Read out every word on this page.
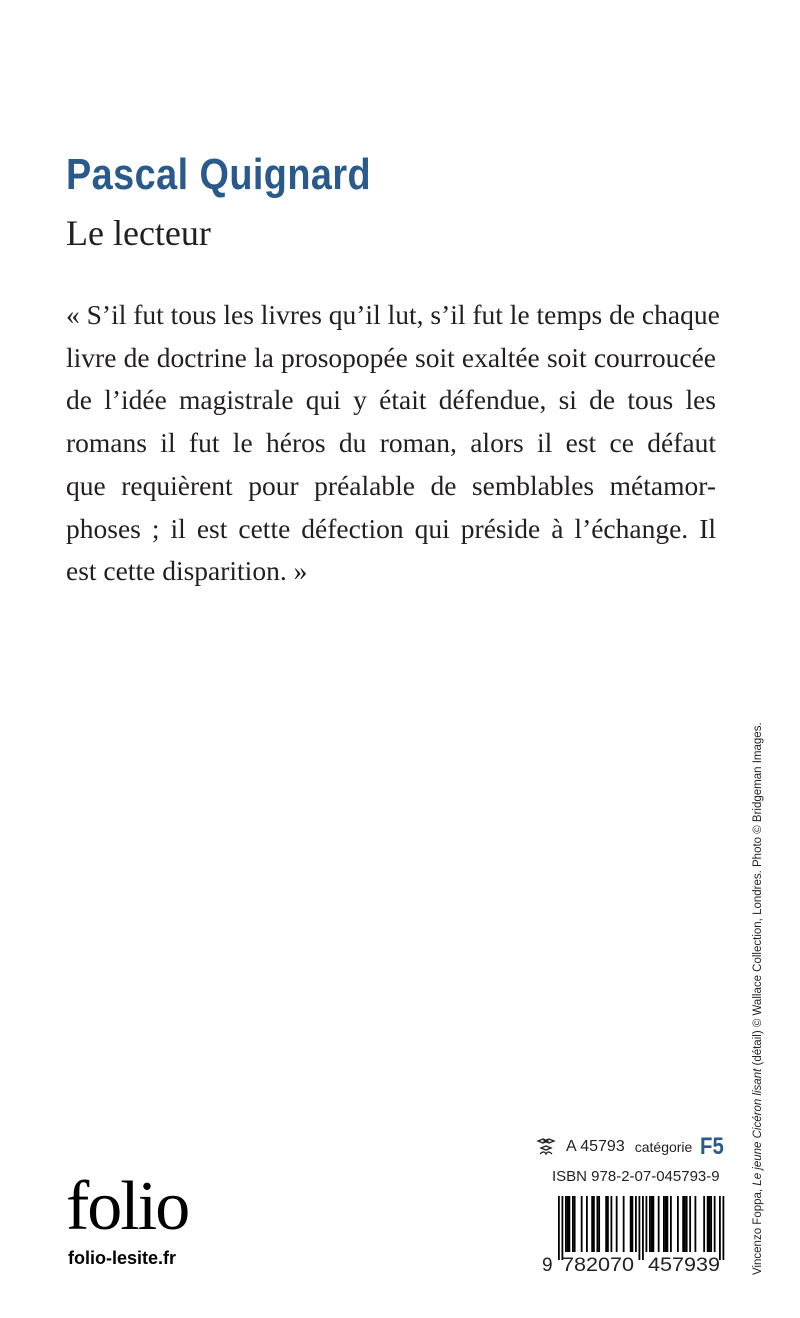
Pascal Quignard
Le lecteur
« S’il fut tous les livres qu’il lut, s’il fut le temps de chaque
livre de doctrine la prosopopée soit exaltée soit courroucée
de l’idée magistrale qui y était défendue, si de tous les
romans il fut le héros du roman, alors il est ce défaut
que requièrent pour préalable de semblables métamor-
phoses ; il est cette défection qui préside à l’échange. Il
est cette disparition. »
Vincenzo Foppa, Le jeune Cicéron lisant (détail) © Wallace Collection, Londres. Photo © Bridgeman Images.
folio
folio-lesite.fr
A 45793 catégorie F5
ISBN 978-2-07-045793-9
9 782070 457939
